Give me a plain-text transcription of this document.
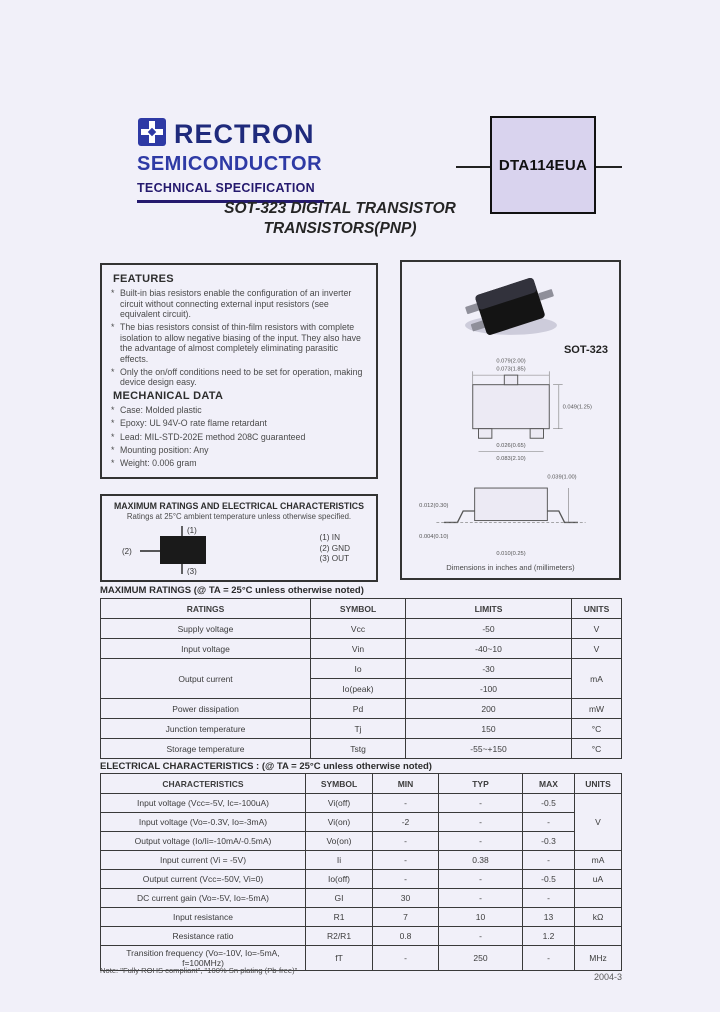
RECTRON
SEMICONDUCTOR
TECHNICAL SPECIFICATION
DTA114EUA
SOT-323 DIGITAL TRANSISTOR
TRANSISTORS(PNP)
FEATURES
* Built-in bias resistors enable the configuration of an inverter circuit without connecting external input resistors (see equivalent circuit).
* The bias resistors consist of thin-film resistors with complete isolation to allow negative biasing of the input. They also have the advantage of almost completely eliminating parasitic effects.
* Only the on/off conditions need to be set for operation, making device design easy.
MECHANICAL DATA
* Case: Molded plastic
* Epoxy: UL 94V-O rate flame retardant
* Lead: MIL-STD-202E method 208C guaranteed
* Mounting position: Any
* Weight: 0.006 gram
SOT-323
0.079(2.00)
0.073(1.85)
0.049(1.25)
0.026(0.65)
0.083(2.10)
0.039(1.00)
0.012(0.30)
0.004(0.10)
0.010(0.25)
Dimensions in inches and (millimeters)
MAXIMUM RATINGS AND ELECTRICAL CHARACTERISTICS
Ratings at 25°C ambient temperature unless otherwise specified.
(2)
(1)
(3)
(1) IN
(2) GND
(3) OUT
MAXIMUM RATINGS (@ TA = 25°C unless otherwise noted)
RATINGS	SYMBOL	LIMITS	UNITS
Supply voltage	Vcc	-50	V
Input voltage	Vin	-40~10	V
Output current	Io	-30	mA
	Io(peak)	-100	
Power dissipation	Pd	200	mW
Junction temperature	Tj	150	°C
Storage temperature	Tstg	-55~+150	°C
ELECTRICAL CHARACTERISTICS : (@ TA = 25°C unless otherwise noted)
CHARACTERISTICS	SYMBOL	MIN	TYP	MAX	UNITS
Input voltage (Vcc=-5V, Ic=-100uA)	Vi(off)	-	-	-0.5	V
Input voltage (Vo=-0.3V, Io=-3mA)	Vi(on)	-2	-	-	
Output voltage (Io/Ii=-10mA/-0.5mA)	Vo(on)	-	-	-0.3	
Input current (Vi = -5V)	Ii	-	0.38	-	mA
Output current (Vcc=-50V, Vi=0)	Io(off)	-	-	-0.5	uA
DC current gain (Vo=-5V, Io=-5mA)	GI	30	-	-	
Input resistance	R1	7	10	13	kΩ
Resistance ratio	R2/R1	0.8	-	1.2	
Transition frequency (Vo=-10V, Io=-5mA, f=100MHz)	fT	-	250	-	MHz
Note: "Fully ROHS compliant", "100% Sn plating (Pb-free)"
2004-3
